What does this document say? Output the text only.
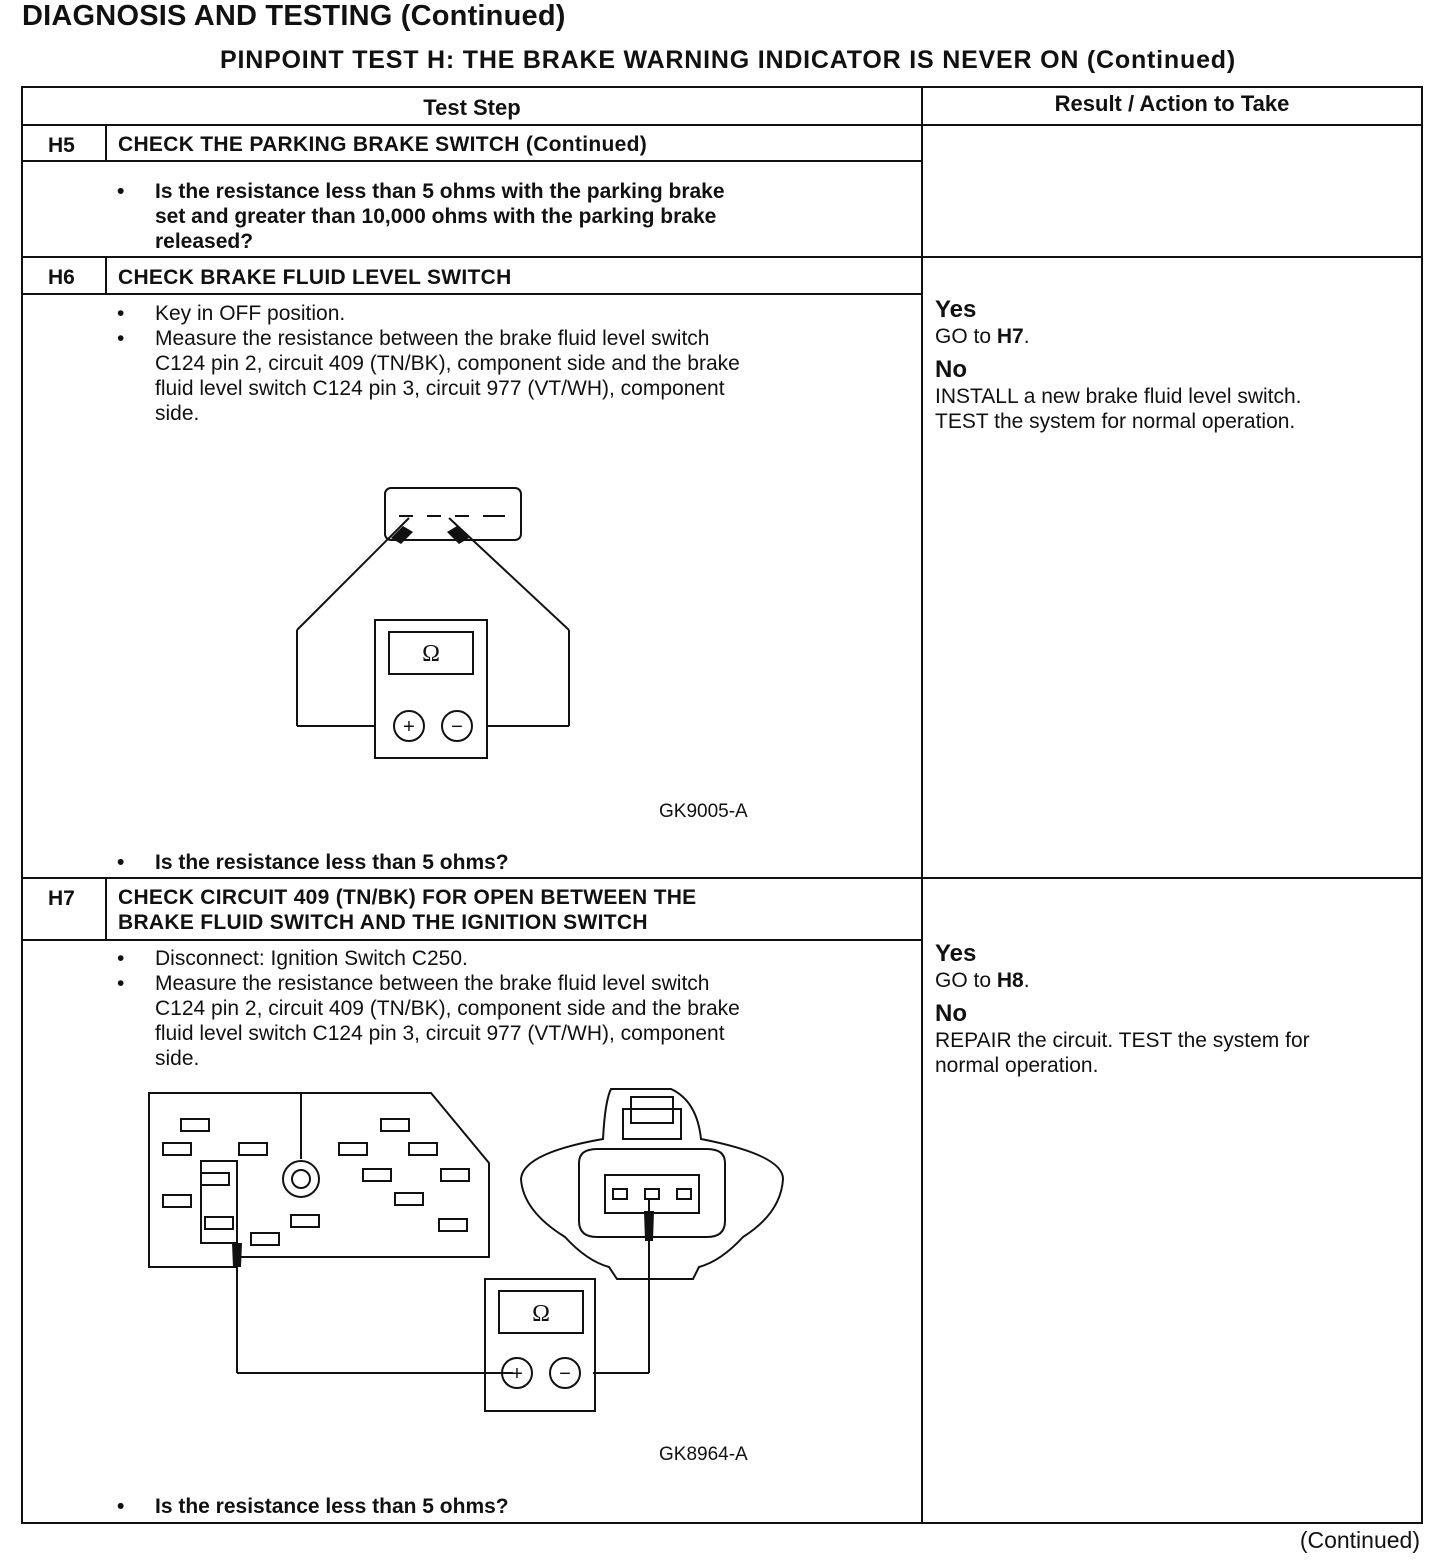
DIAGNOSIS AND TESTING (Continued)
PINPOINT TEST H: THE BRAKE WARNING INDICATOR IS NEVER ON (Continued)
Test Step	Result / Action to Take
H5 CHECK THE PARKING BRAKE SWITCH (Continued)
• Is the resistance less than 5 ohms with the parking brake
set and greater than 10,000 ohms with the parking brake
released?
H6 CHECK BRAKE FLUID LEVEL SWITCH
• Key in OFF position.
• Measure the resistance between the brake fluid level switch
C124 pin 2, circuit 409 (TN/BK), component side and the brake
fluid level switch C124 pin 3, circuit 977 (VT/WH), component
side.
Ω
+ −
GK9005-A
• Is the resistance less than 5 ohms?
Yes
GO to H7.
No
INSTALL a new brake fluid level switch.
TEST the system for normal operation.
H7 CHECK CIRCUIT 409 (TN/BK) FOR OPEN BETWEEN THE
BRAKE FLUID SWITCH AND THE IGNITION SWITCH
• Disconnect: Ignition Switch C250.
• Measure the resistance between the brake fluid level switch
C124 pin 2, circuit 409 (TN/BK), component side and the brake
fluid level switch C124 pin 3, circuit 977 (VT/WH), component
side.
Ω
+ −
GK8964-A
• Is the resistance less than 5 ohms?
Yes
GO to H8.
No
REPAIR the circuit. TEST the system for
normal operation.
(Continued)
